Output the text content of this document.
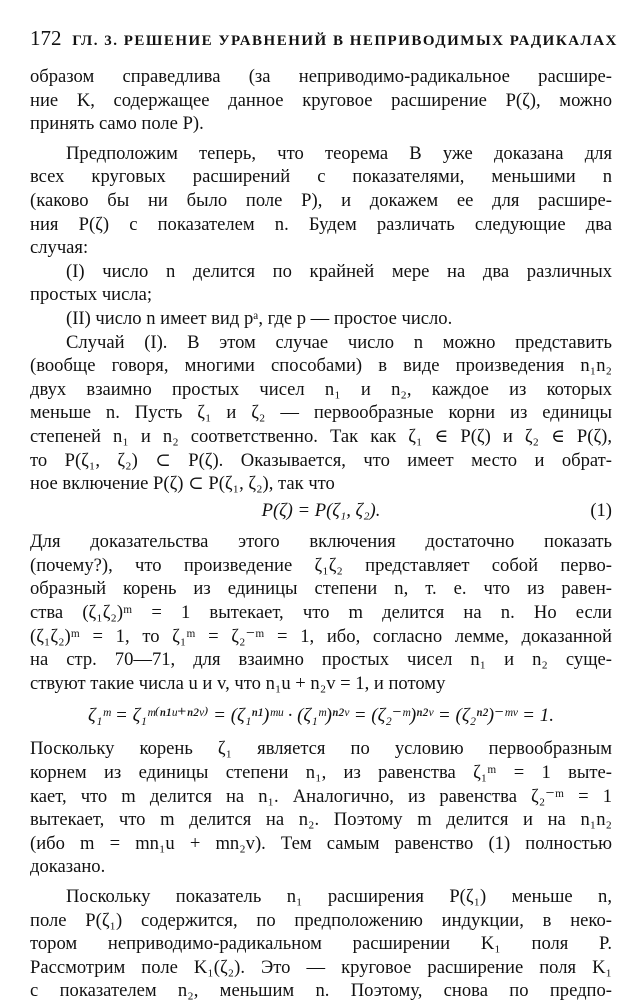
172 ГЛ. 3. РЕШЕНИЕ УРАВНЕНИЙ В НЕПРИВОДИМЫХ РАДИКАЛАХ
образом справедлива (за неприводимо-радикальное расшире-
ние K, содержащее данное круговое расширение P(ζ), можно
принять само поле P).
Предположим теперь, что теорема В уже доказана для
всех круговых расширений с показателями, меньшими n
(каково бы ни было поле P), и докажем ее для расшире-
ния P(ζ) с показателем n. Будем различать следующие два
случая:
(I) число n делится по крайней мере на два различных
простых числа;
(II) число n имеет вид pᵃ, где p — простое число.
Случай (I). В этом случае число n можно представить
(вообще говоря, многими способами) в виде произведения n₁n₂
двух взаимно простых чисел n₁ и n₂, каждое из которых
меньше n. Пусть ζ₁ и ζ₂ — первообразные корни из единицы
степеней n₁ и n₂ соответственно. Так как ζ₁ ∈ P(ζ) и ζ₂ ∈ P(ζ),
то P(ζ₁, ζ₂) ⊂ P(ζ). Оказывается, что имеет место и обрат-
ное включение P(ζ) ⊂ P(ζ₁, ζ₂), так что
P(ζ) = P(ζ₁, ζ₂).	(1)
Для доказательства этого включения достаточно показать
(почему?), что произведение ζ₁ζ₂ представляет собой перво-
образный корень из единицы степени n, т. е. что из равен-
ства (ζ₁ζ₂)ᵐ = 1 вытекает, что m делится на n. Но если
(ζ₁ζ₂)ᵐ = 1, то ζ₁ᵐ = ζ₂⁻ᵐ = 1, ибо, согласно лемме, доказанной
на стр. 70—71, для взаимно простых чисел n₁ и n₂ суще-
ствуют такие числа u и v, что n₁u + n₂v = 1, и потому
ζ₁ᵐ = ζ₁ᵐ⁽ⁿ¹ᵘ⁺ⁿ²ᵛ⁾ = (ζ₁ⁿ¹)ᵐᵘ · (ζ₁ᵐ)ⁿ²ᵛ = (ζ₂⁻ᵐ)ⁿ²ᵛ = (ζ₂ⁿ²)⁻ᵐᵛ = 1.
Поскольку корень ζ₁ является по условию первообразным
корнем из единицы степени n₁, из равенства ζ₁ᵐ = 1 выте-
кает, что m делится на n₁. Аналогично, из равенства ζ₂⁻ᵐ = 1
вытекает, что m делится на n₂. Поэтому m делится и на n₁n₂
(ибо m = mn₁u + mn₂v). Тем самым равенство (1) полностью
доказано.
Поскольку показатель n₁ расширения P(ζ₁) меньше n,
поле P(ζ₁) содержится, по предположению индукции, в неко-
тором неприводимо-радикальном расширении K₁ поля P.
Рассмотрим поле K₁(ζ₂). Это — круговое расширение поля K₁
с показателем n₂, меньшим n. Поэтому, снова по предпо-
